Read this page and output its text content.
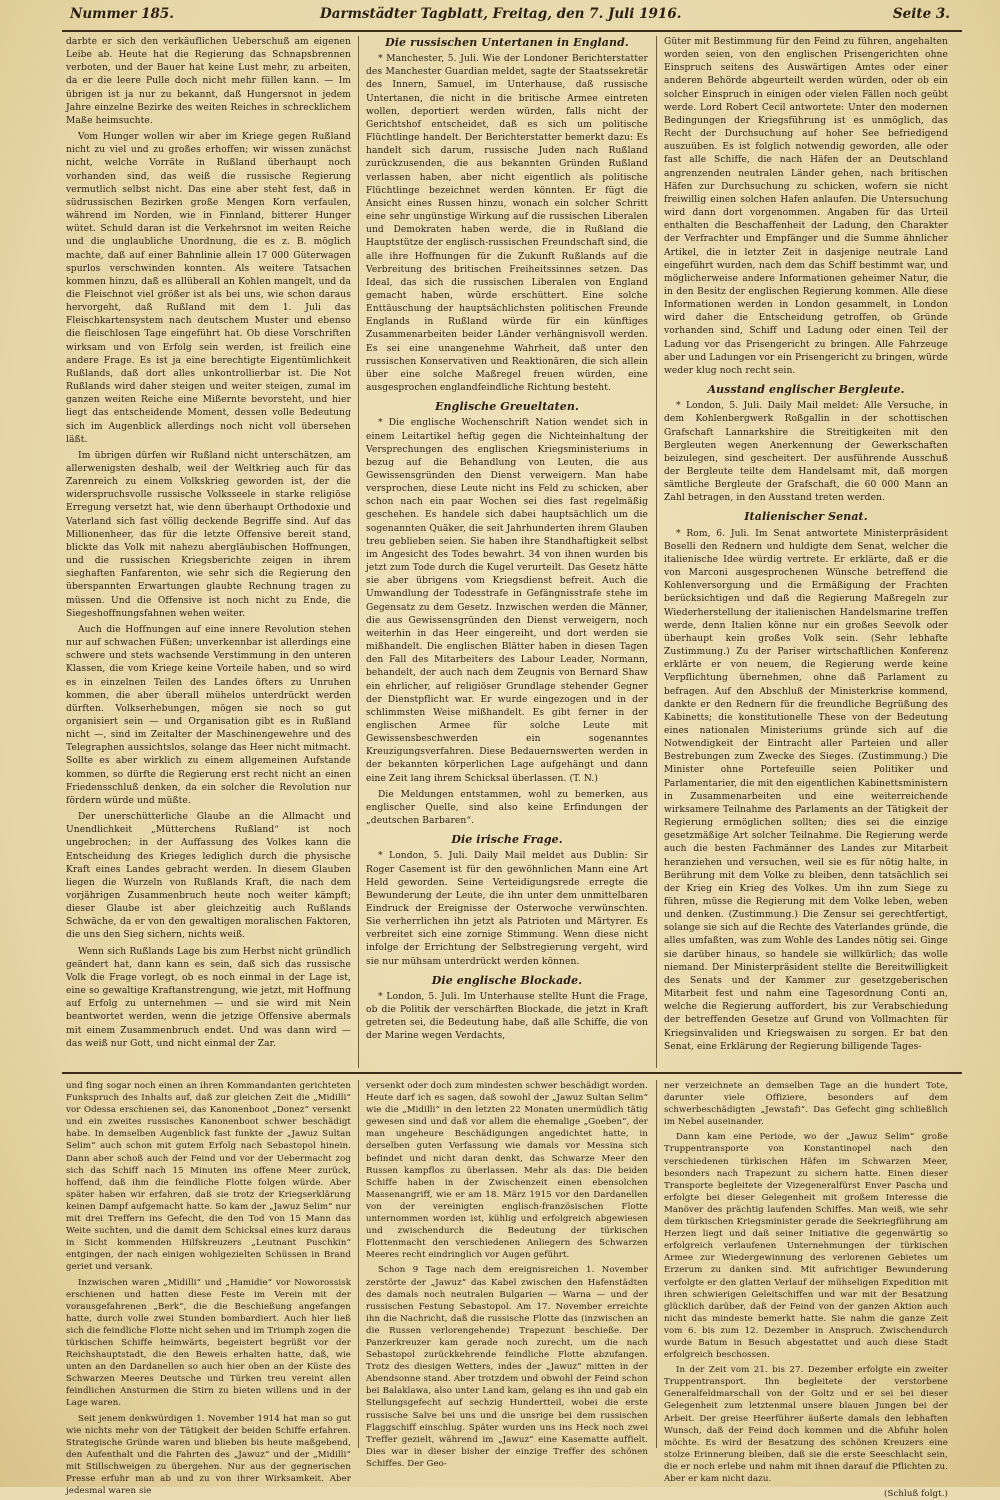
Nummer 185.	Darmstädter Tagblatt, Freitag, den 7. Juli 1916.	Seite 3.

darbte er sich den verkäuflichen Ueberschuß am eigenen Leibe ab. Heute hat die Regierung das Schnapsbrennen verboten, und der Bauer hat keine Lust mehr, zu arbeiten, da er die leere Pulle doch nicht mehr füllen kann. — Im übrigen ist ja nur zu bekannt, daß Hungersnot in jedem Jahre einzelne Bezirke des weiten Reiches in schrecklichem Maße heimsuchte.

Vom Hunger wollen wir aber im Kriege gegen Rußland nicht zu viel und zu großes erhoffen; wir wissen zunächst nicht, welche Vorräte in Rußland überhaupt noch vorhanden sind, das weiß die russische Regierung vermutlich selbst nicht. Das eine aber steht fest, daß in südrussischen Bezirken große Mengen Korn verfaulen, während im Norden, wie in Finnland, bitterer Hunger wütet. Schuld daran ist die Verkehrsnot im weiten Reiche und die unglaubliche Unordnung, die es z. B. möglich machte, daß auf einer Bahnlinie allein 17 000 Güterwagen spurlos verschwinden konnten. Als weitere Tatsachen kommen hinzu, daß es allüberall an Kohlen mangelt, und da die Fleischnot viel größer ist als bei uns, wie schon daraus hervorgeht, daß Rußland mit dem 1. Juli das Fleischkartensystem nach deutschem Muster und ebenso die fleischlosen Tage eingeführt hat. Ob diese Vorschriften wirksam und von Erfolg sein werden, ist freilich eine andere Frage. Es ist ja eine berechtigte Eigentümlichkeit Rußlands, daß dort alles unkontrollierbar ist. Die Not Rußlands wird daher steigen und weiter steigen, zumal im ganzen weiten Reiche eine Mißernte bevorsteht, und hier liegt das entscheidende Moment, dessen volle Bedeutung sich im Augenblick allerdings noch nicht voll übersehen läßt.

Im übrigen dürfen wir Rußland nicht unterschätzen, am allerwenigsten deshalb, weil der Weltkrieg auch für das Zarenreich zu einem Volkskrieg geworden ist, der die widerspruchsvolle russische Volksseele in starke religiöse Erregung versetzt hat, wie denn überhaupt Orthodoxie und Vaterland sich fast völlig deckende Begriffe sind. Auf das Millionenheer, das für die letzte Offensive bereit stand, blickte das Volk mit nahezu abergläubischen Hoffnungen, und die russischen Kriegsberichte zeigen in ihrem sieghaften Fanfarenton, wie sehr sich die Regierung den überspannten Erwartungen glaubte Rechnung tragen zu müssen. Und die Offensive ist noch nicht zu Ende, die Siegeshoffnungsfahnen wehen weiter.

Auch die Hoffnungen auf eine innere Revolution stehen nur auf schwachen Füßen; unverkennbar ist allerdings eine schwere und stets wachsende Verstimmung in den unteren Klassen, die vom Kriege keine Vorteile haben, und so wird es in einzelnen Teilen des Landes öfters zu Unruhen kommen, die aber überall mühelos unterdrückt werden dürften. Volkserhebungen, mögen sie noch so gut organisiert sein — und Organisation gibt es in Rußland nicht —, sind im Zeitalter der Maschinengewehre und des Telegraphen aussichtslos, solange das Heer nicht mitmacht. Sollte es aber wirklich zu einem allgemeinen Aufstande kommen, so dürfte die Regierung erst recht nicht an einen Friedensschluß denken, da ein solcher die Revolution nur fördern würde und müßte.

Der unerschütterliche Glaube an die Allmacht und Unendlichkeit „Mütterchens Rußland“ ist noch ungebrochen; in der Auffassung des Volkes kann die Entscheidung des Krieges lediglich durch die physische Kraft eines Landes gebracht werden. In diesem Glauben liegen die Wurzeln von Rußlands Kraft, die nach dem vorjährigen Zusammenbruch heute noch weiter kämpft; dieser Glaube ist aber gleichzeitig auch Rußlands Schwäche, da er von den gewaltigen moralischen Faktoren, die uns den Sieg sichern, nichts weiß.

Wenn sich Rußlands Lage bis zum Herbst nicht gründlich geändert hat, dann kann es sein, daß sich das russische Volk die Frage vorlegt, ob es noch einmal in der Lage ist, eine so gewaltige Kraftanstrengung, wie jetzt, mit Hoffnung auf Erfolg zu unternehmen — und sie wird mit Nein beantwortet werden, wenn die jetzige Offensive abermals mit einem Zusammenbruch endet. Und was dann wird — das weiß nur Gott, und nicht einmal der Zar.

Die russischen Untertanen in England.

* Manchester, 5. Juli. Wie der Londoner Berichterstatter des Manchester Guardian meldet, sagte der Staatssekretär des Innern, Samuel, im Unterhause, daß russische Untertanen, die nicht in die britische Armee eintreten wollen, deportiert werden würden, falls nicht der Gerichtshof entscheidet, daß es sich um politische Flüchtlinge handelt. Der Berichterstatter bemerkt dazu: Es handelt sich darum, russische Juden nach Rußland zurückzusenden, die aus bekannten Gründen Rußland verlassen haben, aber nicht eigentlich als politische Flüchtlinge bezeichnet werden könnten. Er fügt die Ansicht eines Russen hinzu, wonach ein solcher Schritt eine sehr ungünstige Wirkung auf die russischen Liberalen und Demokraten haben werde, die in Rußland die Hauptstütze der englisch-russischen Freundschaft sind, die alle ihre Hoffnungen für die Zukunft Rußlands auf die Verbreitung des britischen Freiheitssinnes setzen. Das Ideal, das sich die russischen Liberalen von England gemacht haben, würde erschüttert. Eine solche Enttäuschung der hauptsächlichsten politischen Freunde Englands in Rußland würde für ein künftiges Zusammenarbeiten beider Länder verhängnisvoll werden. Es sei eine unangenehme Wahrheit, daß unter den russischen Konservativen und Reaktionären, die sich allein über eine solche Maßregel freuen würden, eine ausgesprochen englandfeindliche Richtung besteht.

Englische Greueltaten.

* Die englische Wochenschrift Nation wendet sich in einem Leitartikel heftig gegen die Nichteinhaltung der Versprechungen des englischen Kriegsministeriums in bezug auf die Behandlung von Leuten, die aus Gewissensgründen den Dienst verweigern. Man habe versprochen, diese Leute nicht ins Feld zu schicken, aber schon nach ein paar Wochen sei dies fast regelmäßig geschehen. Es handele sich dabei hauptsächlich um die sogenannten Quäker, die seit Jahrhunderten ihrem Glauben treu geblieben seien. Sie haben ihre Standhaftigkeit selbst im Angesicht des Todes bewahrt. 34 von ihnen wurden bis jetzt zum Tode durch die Kugel verurteilt. Das Gesetz hätte sie aber übrigens vom Kriegsdienst befreit. Auch die Umwandlung der Todesstrafe in Gefängnisstrafe stehe im Gegensatz zu dem Gesetz. Inzwischen werden die Männer, die aus Gewissensgründen den Dienst verweigern, noch weiterhin in das Heer eingereiht, und dort werden sie mißhandelt. Die englischen Blätter haben in diesen Tagen den Fall des Mitarbeiters des Labour Leader, Normann, behandelt, der auch nach dem Zeugnis von Bernard Shaw ein ehrlicher, auf religiöser Grundlage stehender Gegner der Dienstpflicht war. Er wurde eingezogen und in der schlimmsten Weise mißhandelt. Es gibt ferner in der englischen Armee für solche Leute mit Gewissensbeschwerden ein sogenanntes Kreuzigungsverfahren. Diese Bedauernswerten werden in der bekannten körperlichen Lage aufgehängt und dann eine Zeit lang ihrem Schicksal überlassen. (T. N.)

Die Meldungen entstammen, wohl zu bemerken, aus englischer Quelle, sind also keine Erfindungen der „deutschen Barbaren“.

Die irische Frage.

* London, 5. Juli. Daily Mail meldet aus Dublin: Sir Roger Casement ist für den gewöhnlichen Mann eine Art Held geworden. Seine Verteidigungsrede erregte die Bewunderung der Leute, die ihn unter dem unmittelbaren Eindruck der Ereignisse der Osterwoche verwünschten. Sie verherrlichen ihn jetzt als Patrioten und Märtyrer. Es verbreitet sich eine zornige Stimmung. Wenn diese nicht infolge der Errichtung der Selbstregierung vergeht, wird sie nur mühsam unterdrückt werden können.

Die englische Blockade.

* London, 5. Juli. Im Unterhause stellte Hunt die Frage, ob die Politik der verschärften Blockade, die jetzt in Kraft getreten sei, die Bedeutung habe, daß alle Schiffe, die von der Marine wegen Verdachts,

Güter mit Bestimmung für den Feind zu führen, angehalten worden seien, von den englischen Prisengerichten ohne Einspruch seitens des Auswärtigen Amtes oder einer anderen Behörde abgeurteilt werden würden, oder ob ein solcher Einspruch in einigen oder vielen Fällen noch geübt werde. Lord Robert Cecil antwortete: Unter den modernen Bedingungen der Kriegsführung ist es unmöglich, das Recht der Durchsuchung auf hoher See befriedigend auszuüben. Es ist folglich notwendig geworden, alle oder fast alle Schiffe, die nach Häfen der an Deutschland angrenzenden neutralen Länder gehen, nach britischen Häfen zur Durchsuchung zu schicken, wofern sie nicht freiwillig einen solchen Hafen anlaufen. Die Untersuchung wird dann dort vorgenommen. Angaben für das Urteil enthalten die Beschaffenheit der Ladung, den Charakter der Verfrachter und Empfänger und die Summe ähnlicher Artikel, die in letzter Zeit in dasjenige neutrale Land eingeführt wurden, nach dem das Schiff bestimmt war, und möglicherweise andere Informationen geheimer Natur, die in den Besitz der englischen Regierung kommen. Alle diese Informationen werden in London gesammelt, in London wird daher die Entscheidung getroffen, ob Gründe vorhanden sind, Schiff und Ladung oder einen Teil der Ladung vor das Prisengericht zu bringen. Alle Fahrzeuge aber und Ladungen vor ein Prisengericht zu bringen, würde weder klug noch recht sein.

Ausstand englischer Bergleute.

* London, 5. Juli. Daily Mail meldet: Alle Versuche, in dem Kohlenbergwerk Roßgallin in der schottischen Grafschaft Lannarkshire die Streitigkeiten mit den Bergleuten wegen Anerkennung der Gewerkschaften beizulegen, sind gescheitert. Der ausführende Ausschuß der Bergleute teilte dem Handelsamt mit, daß morgen sämtliche Bergleute der Grafschaft, die 60 000 Mann an Zahl betragen, in den Ausstand treten werden.

Italienischer Senat.

* Rom, 6. Juli. Im Senat antwortete Ministerpräsident Boselli den Rednern und huldigte dem Senat, welcher die italienische Idee würdig vertrete. Er erklärte, daß er die von Marconi ausgesprochenen Wünsche betreffend die Kohlenversorgung und die Ermäßigung der Frachten berücksichtigen und daß die Regierung Maßregeln zur Wiederherstellung der italienischen Handelsmarine treffen werde, denn Italien könne nur ein großes Seevolk oder überhaupt kein großes Volk sein. (Sehr lebhafte Zustimmung.) Zu der Pariser wirtschaftlichen Konferenz erklärte er von neuem, die Regierung werde keine Verpflichtung übernehmen, ohne daß Parlament zu befragen. Auf den Abschluß der Ministerkrise kommend, dankte er den Rednern für die freundliche Begrüßung des Kabinetts; die konstitutionelle These von der Bedeutung eines nationalen Ministeriums gründe sich auf die Notwendigkeit der Eintracht aller Parteien und aller Bestrebungen zum Zwecke des Sieges. (Zustimmung.) Die Minister ohne Portefeuille seien Politiker und Parlamentarier, die mit den eigentlichen Kabinettsministern in Zusammenarbeiten und eine weiterreichende wirksamere Teilnahme des Parlaments an der Tätigkeit der Regierung ermöglichen sollten; dies sei die einzige gesetzmäßige Art solcher Teilnahme. Die Regierung werde auch die besten Fachmänner des Landes zur Mitarbeit heranziehen und versuchen, weil sie es für nötig halte, in Berührung mit dem Volke zu bleiben, denn tatsächlich sei der Krieg ein Krieg des Volkes. Um ihn zum Siege zu führen, müsse die Regierung mit dem Volke leben, weben und denken. (Zustimmung.) Die Zensur sei gerechtfertigt, solange sie sich auf die Rechte des Vaterlandes gründe, die alles umfaßten, was zum Wohle des Landes nötig sei. Ginge sie darüber hinaus, so handele sie willkürlich; das wolle niemand. Der Ministerpräsident stellte die Bereitwilligkeit des Senats und der Kammer zur gesetzgeberischen Mitarbeit fest und nahm eine Tagesordnung Conti an, welche die Regierung auffordert, bis zur Verabschiedung der betreffenden Gesetze auf Grund von Vollmachten für Kriegsinvaliden und Kriegswaisen zu sorgen. Er bat den Senat, eine Erklärung der Regierung billigende Tages-

und fing sogar noch einen an ihren Kommandanten gerichteten Funkspruch des Inhalts auf, daß zur gleichen Zeit die „Midilli“ vor Odessa erschienen sei, das Kanonenboot „Donez“ versenkt und ein zweites russisches Kanonenboot schwer beschädigt habe. In demselben Augenblick fast funkte der „Jawuz Sultan Selim“ auch schon mit gutem Erfolg nach Sebastopol hinein. Dann aber schoß auch der Feind und vor der Uebermacht zog sich das Schiff nach 15 Minuten ins offene Meer zurück, hoffend, daß ihm die feindliche Flotte folgen würde. Aber später haben wir erfahren, daß sie trotz der Kriegserklärung keinen Dampf aufgemacht hatte. So kam der „Jawuz Selim“ nur mit drei Treffern ins Gefecht, die den Tod von 15 Mann das Weite suchten, und die damit dem Schicksal eines kurz daraus in Sicht kommenden Hilfskreuzers „Leutnant Puschkin“ entgingen, der nach einigen wohlgezielten Schüssen in Brand geriet und versank.

Inzwischen waren „Midilli“ und „Hamidie“ vor Noworossisk erschienen und hatten diese Feste im Verein mit der vorausgefahrenen „Berk“, die die Beschießung angefangen hatte, durch volle zwei Stunden bombardiert. Auch hier ließ sich die feindliche Flotte nicht sehen und im Triumph zogen die türkischen Schiffe heimwärts, begeistert begrüßt vor der Reichshauptstadt, die den Beweis erhalten hatte, daß, wie unten an den Dardanellen so auch hier oben an der Küste des Schwarzen Meeres Deutsche und Türken treu vereint allen feindlichen Ansturmen die Stirn zu bieten willens und in der Lage waren.

Seit jenem denkwürdigen 1. November 1914 hat man so gut wie nichts mehr von der Tätigkeit der beiden Schiffe erfahren. Strategische Gründe waren und blieben bis heute maßgebend, den Aufenthalt und die Fahrten des „Jawuz“ und der „Midilli“ mit Stillschweigen zu übergehen. Nur aus der gegnerischen Presse erfuhr man ab und zu von ihrer Wirksamkeit. Aber jedesmal waren sie

versenkt oder doch zum mindesten schwer beschädigt worden. Heute darf ich es sagen, daß sowohl der „Jawuz Sultan Selim“ wie die „Midilli“ in den letzten 22 Monaten unermüdlich tätig gewesen sind und daß vor allem die ehemalige „Goeben“, der man ungeheure Beschädigungen angedichtet hatte, in derselben guten Verfassung wie damals vor Messina sich befindet und nicht daran denkt, das Schwarze Meer den Russen kampflos zu überlassen. Mehr als das: Die beiden Schiffe haben in der Zwischenzeit einen ebensolchen Massenangriff, wie er am 18. März 1915 vor den Dardanellen von der vereinigten englisch-französischen Flotte unternommen worden ist, kühlig und erfolgreich abgewiesen und zwischendurch die Bedeutung der türkischen Flottenmacht den verschiedenen Anliegern des Schwarzen Meeres recht eindringlich vor Augen geführt.

Schon 9 Tage nach dem ereignisreichen 1. November zerstörte der „Jawuz“ das Kabel zwischen den Hafenstädten des damals noch neutralen Bulgarien — Warna — und der russischen Festung Sebastopol. Am 17. November erreichte ihn die Nachricht, daß die russische Flotte das (inzwischen an die Russen verlorengehende) Trapezunt beschieße. Der Panzerkreuzer kam gerade noch zurecht, um die nach Sebastopol zurückkehrende feindliche Flotte abzufangen. Trotz des diesigen Wetters, indes der „Jawuz“ mitten in der Abendsonne stand. Aber trotzdem und obwohl der Feind schon bei Balaklawa, also unter Land kam, gelang es ihn und gab ein Stellungsgefecht auf sechzig Hundertteil, wobei die erste russische Salve bei uns und die unsrige bei dem russischen Flaggschiff einschlug. Später wurden uns ins Heck noch zwei Treffer gezielt, während im „Jawuz“ eine Kasematte auffielt. Dies war in dieser bisher der einzige Treffer des schönen Schiffes. Der Geo-

ner verzeichnete an demselben Tage an die hundert Tote, darunter viele Offiziere, besonders auf dem schwerbeschädigten „Jewstafi“. Das Gefecht ging schließlich im Nebel auseinander.

Dann kam eine Periode, wo der „Jawuz Selim“ große Truppentransporte von Konstantinopel nach den verschiedenen türkischen Häfen im Schwarzen Meer, besonders nach Trapezunt zu sichern hatte. Einen dieser Transporte begleitete der Vizegeneralfürst Enver Pascha und erfolgte bei dieser Gelegenheit mit großem Interesse die Manöver des prächtig laufenden Schiffes. Man weiß, wie sehr dem türkischen Kriegsminister gerade die Seekriegführung am Herzen liegt und daß seiner Initiative die gegenwärtig so erfolgreich verlaufenen Unternehmungen der türkischen Armee zur Wiedergewinnung des verlorenen Gebietes um Erzerum zu danken sind. Mit aufrichtiger Bewunderung verfolgte er den glatten Verlauf der mühseligen Expedition mit ihren schwierigen Geleitschiffen und war mit der Besatzung glücklich darüber, daß der Feind von der ganzen Aktion auch nicht das mindeste bemerkt hatte. Sie nahm die ganze Zeit vom 6. bis zum 12. Dezember in Anspruch. Zwischendurch wurde Batum in Besuch abgestattet und auch diese Stadt erfolgreich beschossen.

In der Zeit vom 21. bis 27. Dezember erfolgte ein zweiter Truppentransport. Ihn begleitete der verstorbene Generalfeldmarschall von der Goltz und er sei bei dieser Gelegenheit zum letztenmal unsere blauen Jungen bei der Arbeit. Der greise Heerführer äußerte damals den lebhaften Wunsch, daß der Feind doch kommen und die Abfuhr holen möchte. Es wird der Besatzung des schönen Kreuzers eine stolze Erinnerung bleiben, daß sie die erste Seeschlacht sein, die er noch erlebe und nahm mit ihnen darauf die Pflichten zu. Aber er kam nicht dazu.

(Schluß folgt.)
